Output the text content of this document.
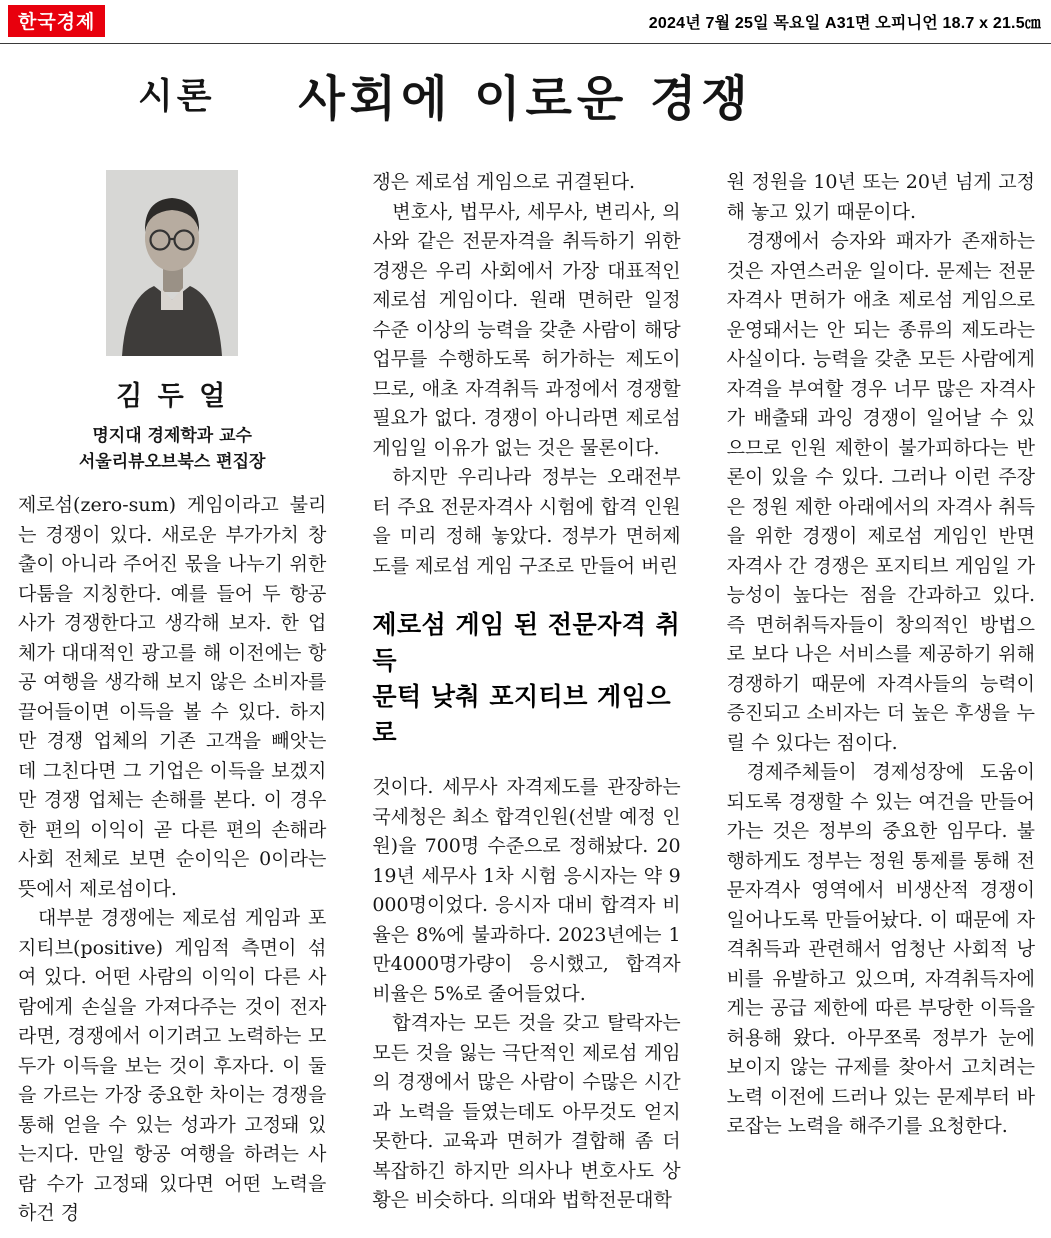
한국경제	2024년 7월 25일 목요일 A31면 오피니언 18.7 x 21.5㎝
시론	사회에 이로운 경쟁
김 두 얼
명지대 경제학과 교수
서울리뷰오브북스 편집장

제로섬(zero-sum) 게임이라고 불리는 경쟁이 있다. 새로운 부가가치 창출이 아니라 주어진 몫을 나누기 위한 다툼을 지칭한다. 예를 들어 두 항공사가 경쟁한다고 생각해 보자. 한 업체가 대대적인 광고를 해 이전에는 항공 여행을 생각해 보지 않은 소비자를 끌어들이면 이득을 볼 수 있다. 하지만 경쟁 업체의 기존 고객을 빼앗는 데 그친다면 그 기업은 이득을 보겠지만 경쟁 업체는 손해를 본다. 이 경우 한 편의 이익이 곧 다른 편의 손해라 사회 전체로 보면 순이익은 0이라는 뜻에서 제로섬이다.

대부분 경쟁에는 제로섬 게임과 포지티브(positive) 게임적 측면이 섞여 있다. 어떤 사람의 이익이 다른 사람에게 손실을 가져다주는 것이 전자라면, 경쟁에서 이기려고 노력하는 모두가 이득을 보는 것이 후자다. 이 둘을 가르는 가장 중요한 차이는 경쟁을 통해 얻을 수 있는 성과가 고정돼 있는지다. 만일 항공 여행을 하려는 사람 수가 고정돼 있다면 어떤 노력을 하건 경

쟁은 제로섬 게임으로 귀결된다.

변호사, 법무사, 세무사, 변리사, 의사와 같은 전문자격을 취득하기 위한 경쟁은 우리 사회에서 가장 대표적인 제로섬 게임이다. 원래 면허란 일정 수준 이상의 능력을 갖춘 사람이 해당 업무를 수행하도록 허가하는 제도이므로, 애초 자격취득 과정에서 경쟁할 필요가 없다. 경쟁이 아니라면 제로섬 게임일 이유가 없는 것은 물론이다.

하지만 우리나라 정부는 오래전부터 주요 전문자격사 시험에 합격 인원을 미리 정해 놓았다. 정부가 면허제도를 제로섬 게임 구조로 만들어 버린

제로섬 게임 된 전문자격 취득
문턱 낮춰 포지티브 게임으로

것이다. 세무사 자격제도를 관장하는 국세청은 최소 합격인원(선발 예정 인원)을 700명 수준으로 정해놨다. 2019년 세무사 1차 시험 응시자는 약 9000명이었다. 응시자 대비 합격자 비율은 8%에 불과하다. 2023년에는 1만4000명가량이 응시했고, 합격자 비율은 5%로 줄어들었다.

합격자는 모든 것을 갖고 탈락자는 모든 것을 잃는 극단적인 제로섬 게임의 경쟁에서 많은 사람이 수많은 시간과 노력을 들였는데도 아무것도 얻지 못한다. 교육과 면허가 결합해 좀 더 복잡하긴 하지만 의사나 변호사도 상황은 비슷하다. 의대와 법학전문대학

원 정원을 10년 또는 20년 넘게 고정해 놓고 있기 때문이다.

경쟁에서 승자와 패자가 존재하는 것은 자연스러운 일이다. 문제는 전문자격사 면허가 애초 제로섬 게임으로 운영돼서는 안 되는 종류의 제도라는 사실이다. 능력을 갖춘 모든 사람에게 자격을 부여할 경우 너무 많은 자격사가 배출돼 과잉 경쟁이 일어날 수 있으므로 인원 제한이 불가피하다는 반론이 있을 수 있다. 그러나 이런 주장은 정원 제한 아래에서의 자격사 취득을 위한 경쟁이 제로섬 게임인 반면 자격사 간 경쟁은 포지티브 게임일 가능성이 높다는 점을 간과하고 있다. 즉 면허취득자들이 창의적인 방법으로 보다 나은 서비스를 제공하기 위해 경쟁하기 때문에 자격사들의 능력이 증진되고 소비자는 더 높은 후생을 누릴 수 있다는 점이다.

경제주체들이 경제성장에 도움이 되도록 경쟁할 수 있는 여건을 만들어가는 것은 정부의 중요한 임무다. 불행하게도 정부는 정원 통제를 통해 전문자격사 영역에서 비생산적 경쟁이 일어나도록 만들어놨다. 이 때문에 자격취득과 관련해서 엄청난 사회적 낭비를 유발하고 있으며, 자격취득자에게는 공급 제한에 따른 부당한 이득을 허용해 왔다. 아무쪼록 정부가 눈에 보이지 않는 규제를 찾아서 고치려는 노력 이전에 드러나 있는 문제부터 바로잡는 노력을 해주기를 요청한다.
